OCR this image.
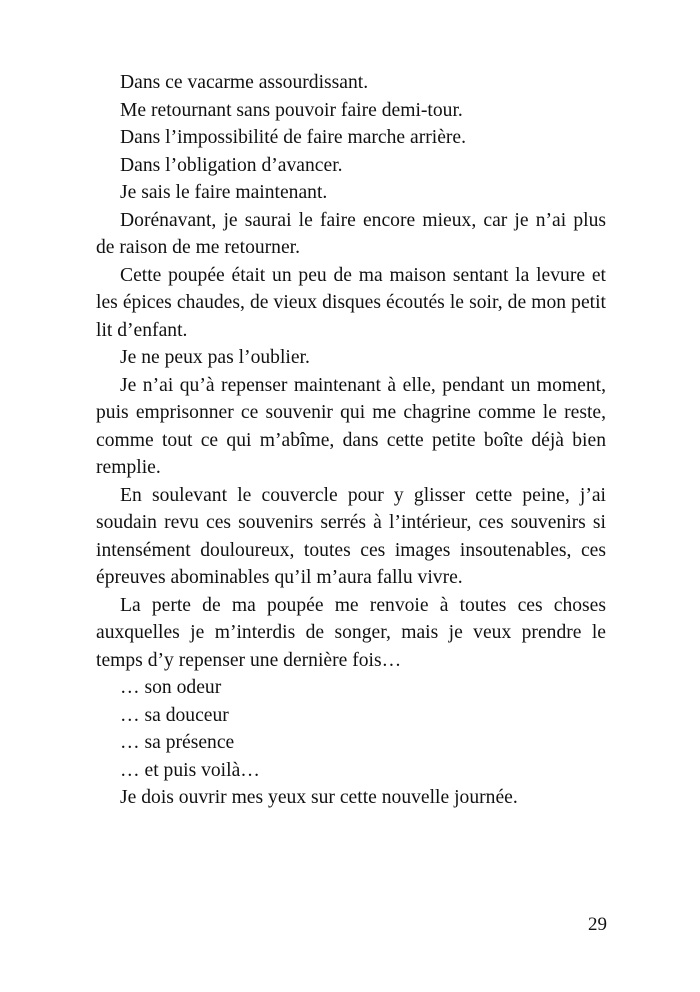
Dans ce vacarme assourdissant.

Me retournant sans pouvoir faire demi-tour.

Dans l’impossibilité de faire marche arrière.

Dans l’obligation d’avancer.

Je sais le faire maintenant.

Dorénavant, je saurai le faire encore mieux, car je n’ai plus de raison de me retourner.

Cette poupée était un peu de ma maison sentant la levure et les épices chaudes, de vieux disques écoutés le soir, de mon petit lit d’enfant.

Je ne peux pas l’oublier.

Je n’ai qu’à repenser maintenant à elle, pendant un moment, puis emprisonner ce souvenir qui me chagrine comme le reste, comme tout ce qui m’abîme, dans cette petite boîte déjà bien remplie.

En soulevant le couvercle pour y glisser cette peine, j’ai soudain revu ces souvenirs serrés à l’intérieur, ces souvenirs si intensément douloureux, toutes ces images insoutenables, ces épreuves abominables qu’il m’aura fallu vivre.

La perte de ma poupée me renvoie à toutes ces choses auxquelles je m’interdis de songer, mais je veux prendre le temps d’y repenser une dernière fois…

… son odeur

… sa douceur

… sa présence

… et puis voilà…

Je dois ouvrir mes yeux sur cette nouvelle journée.

29
